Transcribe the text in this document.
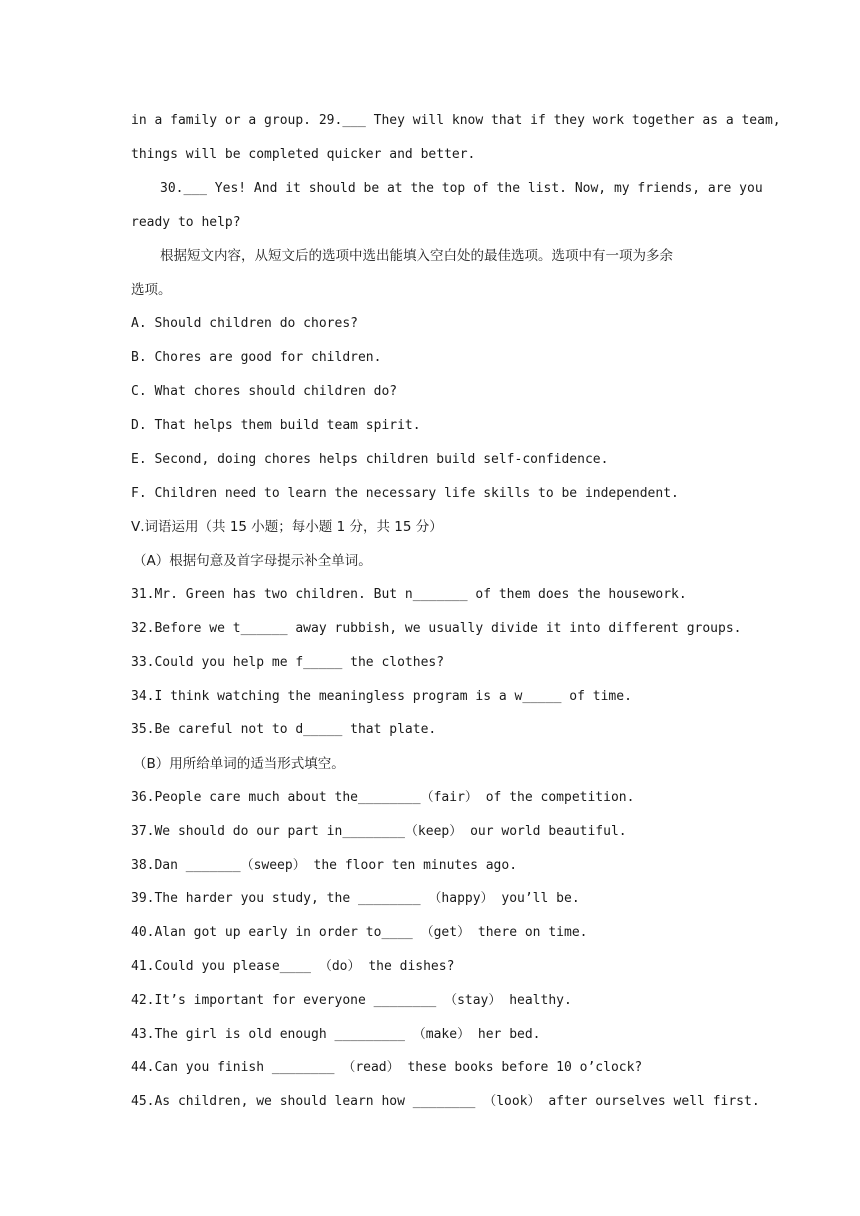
in a family or a group. 29.___ They will know that if they work together as a team,
things will be completed quicker and better.
30.___ Yes! And it should be at the top of the list. Now, my friends, are you
ready to help?
根据短文内容，从短文后的选项中选出能填入空白处的最佳选项。选项中有一项为多余
选项。
A. Should children do chores?
B. Chores are good for children.
C. What chores should children do?
D. That helps them build team spirit.
E. Second, doing chores helps children build self-confidence.
F. Children need to learn the necessary life skills to be independent.
Ⅴ.词语运用（共 15 小题；每小题 1 分，共 15 分）
（A）根据句意及首字母提示补全单词。
31.Mr. Green has two children. But n_______ of them does the housework.
32.Before we t______ away rubbish, we usually divide it into different groups.
33.Could you help me f_____ the clothes?
34.I think watching the meaningless program is a w_____ of time.
35.Be careful not to d_____ that plate.
（B）用所给单词的适当形式填空。
36.People care much about the________（fair） of the competition.
37.We should do our part in________（keep） our world beautiful.
38.Dan _______（sweep） the floor ten minutes ago.
39.The harder you study, the ________ （happy） you’ll be.
40.Alan got up early in order to____ （get） there on time.
41.Could you please____ （do） the dishes?
42.It’s important for everyone ________ （stay） healthy.
43.The girl is old enough _________ （make） her bed.
44.Can you finish ________ （read） these books before 10 o’clock?
45.As children, we should learn how ________ （look） after ourselves well first.
